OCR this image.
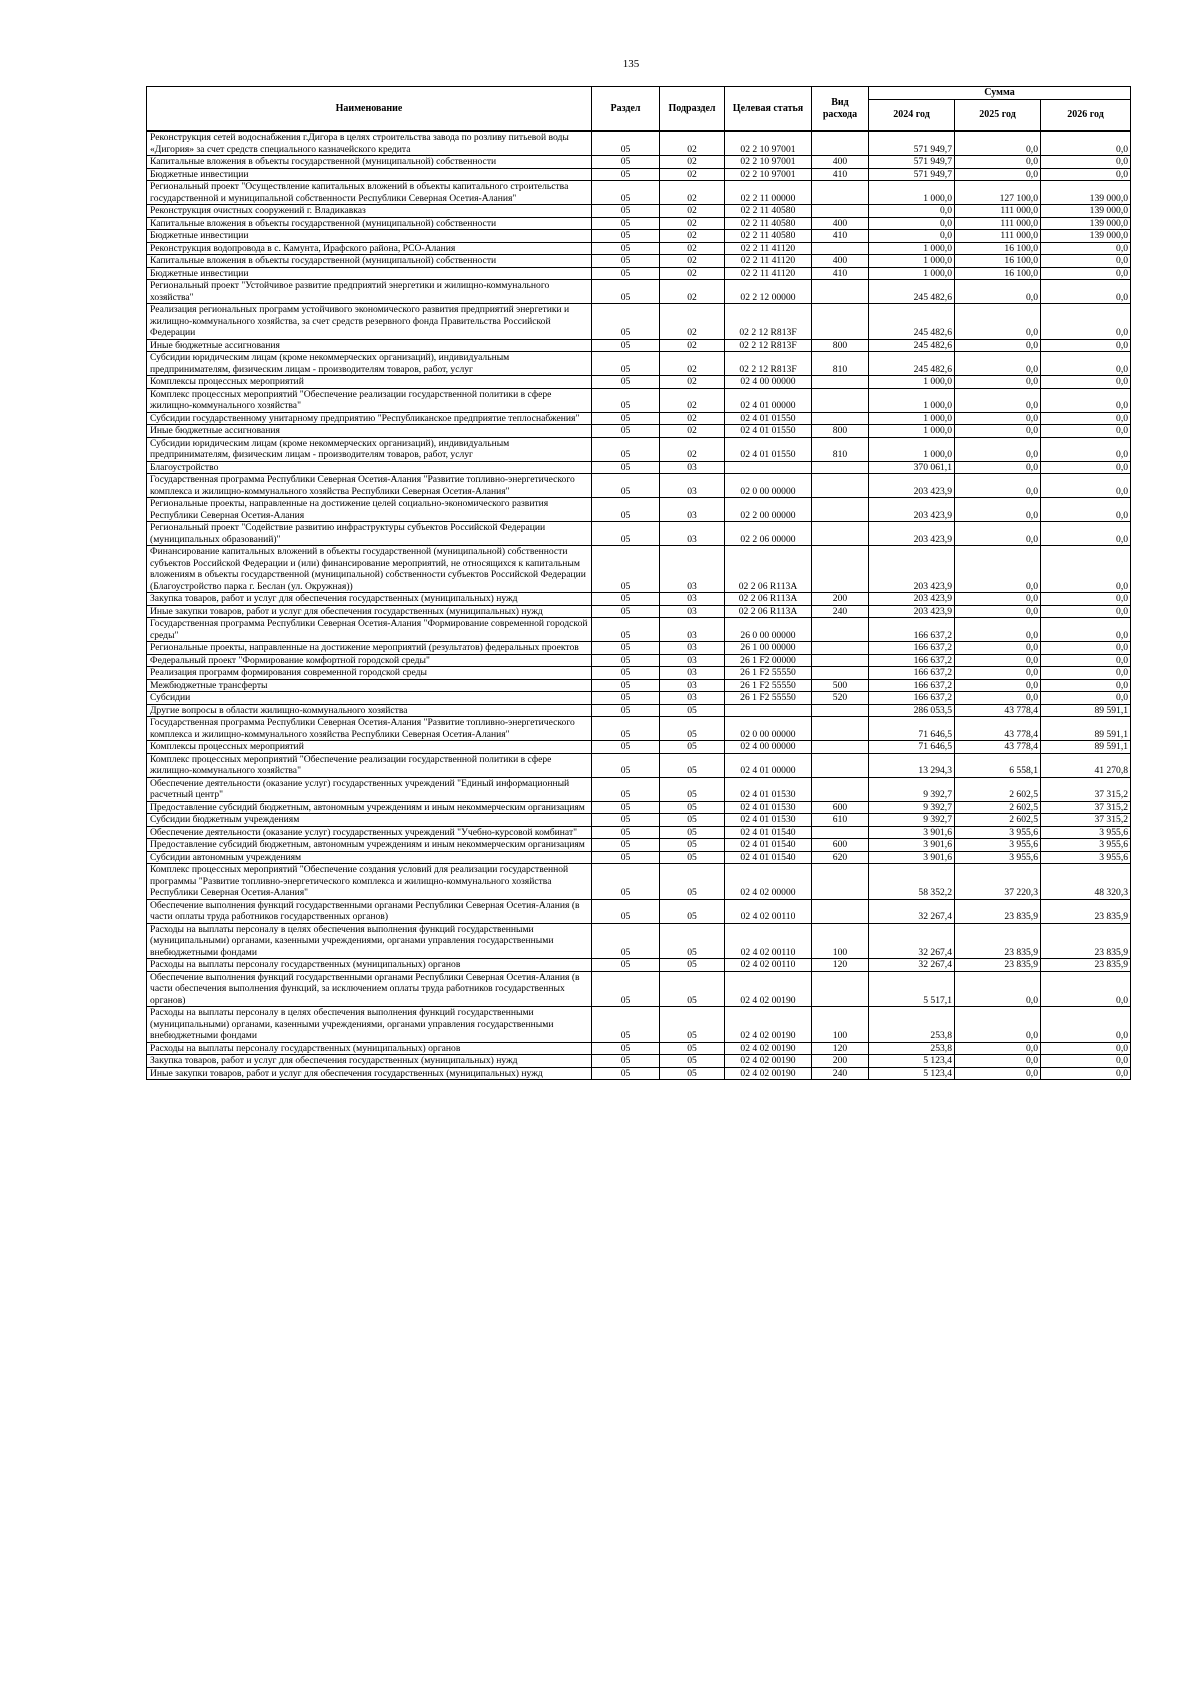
135
Наименование	Раздел	Подраздел	Целевая статья	Вид расхода	Сумма		
					2024 год	2025 год	2026 год
Реконструкция сетей водоснабжения г.Дигора в целях строительства завода по розливу питьевой воды «Дигория» за счет средств специального казначейского кредита	05	02	02 2 10 97001		571 949,7	0,0	0,0
Капитальные вложения в объекты государственной (муниципальной) собственности	05	02	02 2 10 97001	400	571 949,7	0,0	0,0
Бюджетные инвестиции	05	02	02 2 10 97001	410	571 949,7	0,0	0,0
Региональный проект "Осуществление капитальных вложений в объекты капитального строительства государственной и муниципальной собственности Республики Северная Осетия-Алания"	05	02	02 2 11 00000		1 000,0	127 100,0	139 000,0
Реконструкция очистных сооружений г. Владикавказ	05	02	02 2 11 40580		0,0	111 000,0	139 000,0
Капитальные вложения в объекты государственной (муниципальной) собственности	05	02	02 2 11 40580	400	0,0	111 000,0	139 000,0
Бюджетные инвестиции	05	02	02 2 11 40580	410	0,0	111 000,0	139 000,0
Реконструкция водопровода в с. Камунта, Ирафского района, РСО-Алания	05	02	02 2 11 41120		1 000,0	16 100,0	0,0
Капитальные вложения в объекты государственной (муниципальной) собственности	05	02	02 2 11 41120	400	1 000,0	16 100,0	0,0
Бюджетные инвестиции	05	02	02 2 11 41120	410	1 000,0	16 100,0	0,0
Региональный проект "Устойчивое развитие предприятий энергетики и жилищно-коммунального хозяйства"	05	02	02 2 12 00000		245 482,6	0,0	0,0
Реализация региональных программ устойчивого экономического развития предприятий энергетики и жилищно-коммунального хозяйства, за счет средств резервного фонда Правительства Российской Федерации	05	02	02 2 12 R813F		245 482,6	0,0	0,0
Иные бюджетные ассигнования	05	02	02 2 12 R813F	800	245 482,6	0,0	0,0
Субсидии юридическим лицам (кроме некоммерческих организаций), индивидуальным предпринимателям, физическим лицам - производителям товаров, работ, услуг	05	02	02 2 12 R813F	810	245 482,6	0,0	0,0
Комплексы процессных мероприятий	05	02	02 4 00 00000		1 000,0	0,0	0,0
Комплекс процессных мероприятий "Обеспечение реализации государственной политики в сфере жилищно-коммунального хозяйства"	05	02	02 4 01 00000		1 000,0	0,0	0,0
Субсидии государственному унитарному предприятию "Республиканское предприятие теплоснабжения"	05	02	02 4 01 01550		1 000,0	0,0	0,0
Иные бюджетные ассигнования	05	02	02 4 01 01550	800	1 000,0	0,0	0,0
Субсидии юридическим лицам (кроме некоммерческих организаций), индивидуальным предпринимателям, физическим лицам - производителям товаров, работ, услуг	05	02	02 4 01 01550	810	1 000,0	0,0	0,0
Благоустройство	05	03			370 061,1	0,0	0,0
Государственная программа Республики Северная Осетия-Алания "Развитие топливно-энергетического комплекса и жилищно-коммунального хозяйства Республики Северная Осетия-Алания"	05	03	02 0 00 00000		203 423,9	0,0	0,0
Региональные проекты, направленные на достижение целей социально-экономического развития Республики Северная Осетия-Алания	05	03	02 2 00 00000		203 423,9	0,0	0,0
Региональный проект "Содействие развитию инфраструктуры субъектов Российской Федерации (муниципальных образований)"	05	03	02 2 06 00000		203 423,9	0,0	0,0
Финансирование капитальных вложений в объекты государственной (муниципальной) собственности субъектов Российской Федерации и (или) финансирование мероприятий, не относящихся к капитальным вложениям в объекты государственной (муниципальной) собственности субъектов Российской Федерации (Благоустройство парка г. Беслан (ул. Окружная))	05	03	02 2 06 R113A		203 423,9	0,0	0,0
Закупка товаров, работ и услуг для обеспечения государственных (муниципальных) нужд	05	03	02 2 06 R113A	200	203 423,9	0,0	0,0
Иные закупки товаров, работ и услуг для обеспечения государственных (муниципальных) нужд	05	03	02 2 06 R113A	240	203 423,9	0,0	0,0
Государственная программа Республики Северная Осетия-Алания "Формирование современной городской среды"	05	03	26 0 00 00000		166 637,2	0,0	0,0
Региональные проекты, направленные на достижение мероприятий (результатов) федеральных проектов	05	03	26 1 00 00000		166 637,2	0,0	0,0
Федеральный проект "Формирование комфортной городской среды"	05	03	26 1 F2 00000		166 637,2	0,0	0,0
Реализация программ формирования современной городской среды	05	03	26 1 F2 55550		166 637,2	0,0	0,0
Межбюджетные трансферты	05	03	26 1 F2 55550	500	166 637,2	0,0	0,0
Субсидии	05	03	26 1 F2 55550	520	166 637,2	0,0	0,0
Другие вопросы в области жилищно-коммунального хозяйства	05	05			286 053,5	43 778,4	89 591,1
Государственная программа Республики Северная Осетия-Алания "Развитие топливно-энергетического комплекса и жилищно-коммунального хозяйства Республики Северная Осетия-Алания"	05	05	02 0 00 00000		71 646,5	43 778,4	89 591,1
Комплексы процессных мероприятий	05	05	02 4 00 00000		71 646,5	43 778,4	89 591,1
Комплекс процессных мероприятий "Обеспечение реализации государственной политики в сфере жилищно-коммунального хозяйства"	05	05	02 4 01 00000		13 294,3	6 558,1	41 270,8
Обеспечение деятельности (оказание услуг) государственных учреждений "Единый информационный расчетный центр"	05	05	02 4 01 01530		9 392,7	2 602,5	37 315,2
Предоставление субсидий бюджетным, автономным учреждениям и иным некоммерческим организациям	05	05	02 4 01 01530	600	9 392,7	2 602,5	37 315,2
Субсидии бюджетным учреждениям	05	05	02 4 01 01530	610	9 392,7	2 602,5	37 315,2
Обеспечение деятельности (оказание услуг) государственных учреждений "Учебно-курсовой комбинат"	05	05	02 4 01 01540		3 901,6	3 955,6	3 955,6
Предоставление субсидий бюджетным, автономным учреждениям и иным некоммерческим организациям	05	05	02 4 01 01540	600	3 901,6	3 955,6	3 955,6
Субсидии автономным учреждениям	05	05	02 4 01 01540	620	3 901,6	3 955,6	3 955,6
Комплекс процессных мероприятий "Обеспечение создания условий для реализации государственной программы "Развитие топливно-энергетического комплекса и жилищно-коммунального хозяйства Республики Северная Осетия-Алания"	05	05	02 4 02 00000		58 352,2	37 220,3	48 320,3
Обеспечение выполнения функций государственными органами Республики Северная Осетия-Алания (в части оплаты труда работников государственных органов)	05	05	02 4 02 00110		32 267,4	23 835,9	23 835,9
Расходы на выплаты персоналу в целях обеспечения выполнения функций государственными (муниципальными) органами, казенными учреждениями, органами управления государственными внебюджетными фондами	05	05	02 4 02 00110	100	32 267,4	23 835,9	23 835,9
Расходы на выплаты персоналу государственных (муниципальных) органов	05	05	02 4 02 00110	120	32 267,4	23 835,9	23 835,9
Обеспечение выполнения функций государственными органами Республики Северная Осетия-Алания (в части обеспечения выполнения функций, за исключением оплаты труда работников государственных органов)	05	05	02 4 02 00190		5 517,1	0,0	0,0
Расходы на выплаты персоналу в целях обеспечения выполнения функций государственными (муниципальными) органами, казенными учреждениями, органами управления государственными внебюджетными фондами	05	05	02 4 02 00190	100	253,8	0,0	0,0
Расходы на выплаты персоналу государственных (муниципальных) органов	05	05	02 4 02 00190	120	253,8	0,0	0,0
Закупка товаров, работ и услуг для обеспечения государственных (муниципальных) нужд	05	05	02 4 02 00190	200	5 123,4	0,0	0,0
Иные закупки товаров, работ и услуг для обеспечения государственных (муниципальных) нужд	05	05	02 4 02 00190	240	5 123,4	0,0	0,0
